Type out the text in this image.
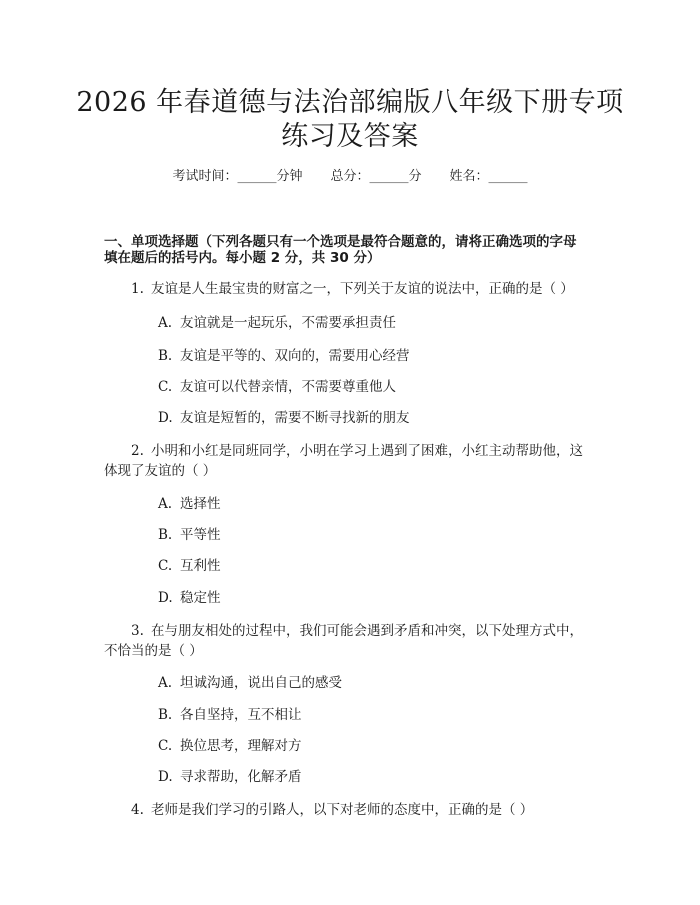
2026 年春道德与法治部编版八年级下册专项
练习及答案
考试时间：______分钟 总分：______分 姓名：______
一、单项选择题（下列各题只有一个选项是最符合题意的，请将正确选项的字母
填在题后的括号内。每小题 2 分，共 30 分）
1. 友谊是人生最宝贵的财富之一，下列关于友谊的说法中，正确的是（ ）
A. 友谊就是一起玩乐，不需要承担责任
B. 友谊是平等的、双向的，需要用心经营
C. 友谊可以代替亲情，不需要尊重他人
D. 友谊是短暂的，需要不断寻找新的朋友
2. 小明和小红是同班同学，小明在学习上遇到了困难，小红主动帮助他，这
体现了友谊的（ ）
A. 选择性
B. 平等性
C. 互利性
D. 稳定性
3. 在与朋友相处的过程中，我们可能会遇到矛盾和冲突，以下处理方式中，
不恰当的是（ ）
A. 坦诚沟通，说出自己的感受
B. 各自坚持，互不相让
C. 换位思考，理解对方
D. 寻求帮助，化解矛盾
4. 老师是我们学习的引路人，以下对老师的态度中，正确的是（ ）
